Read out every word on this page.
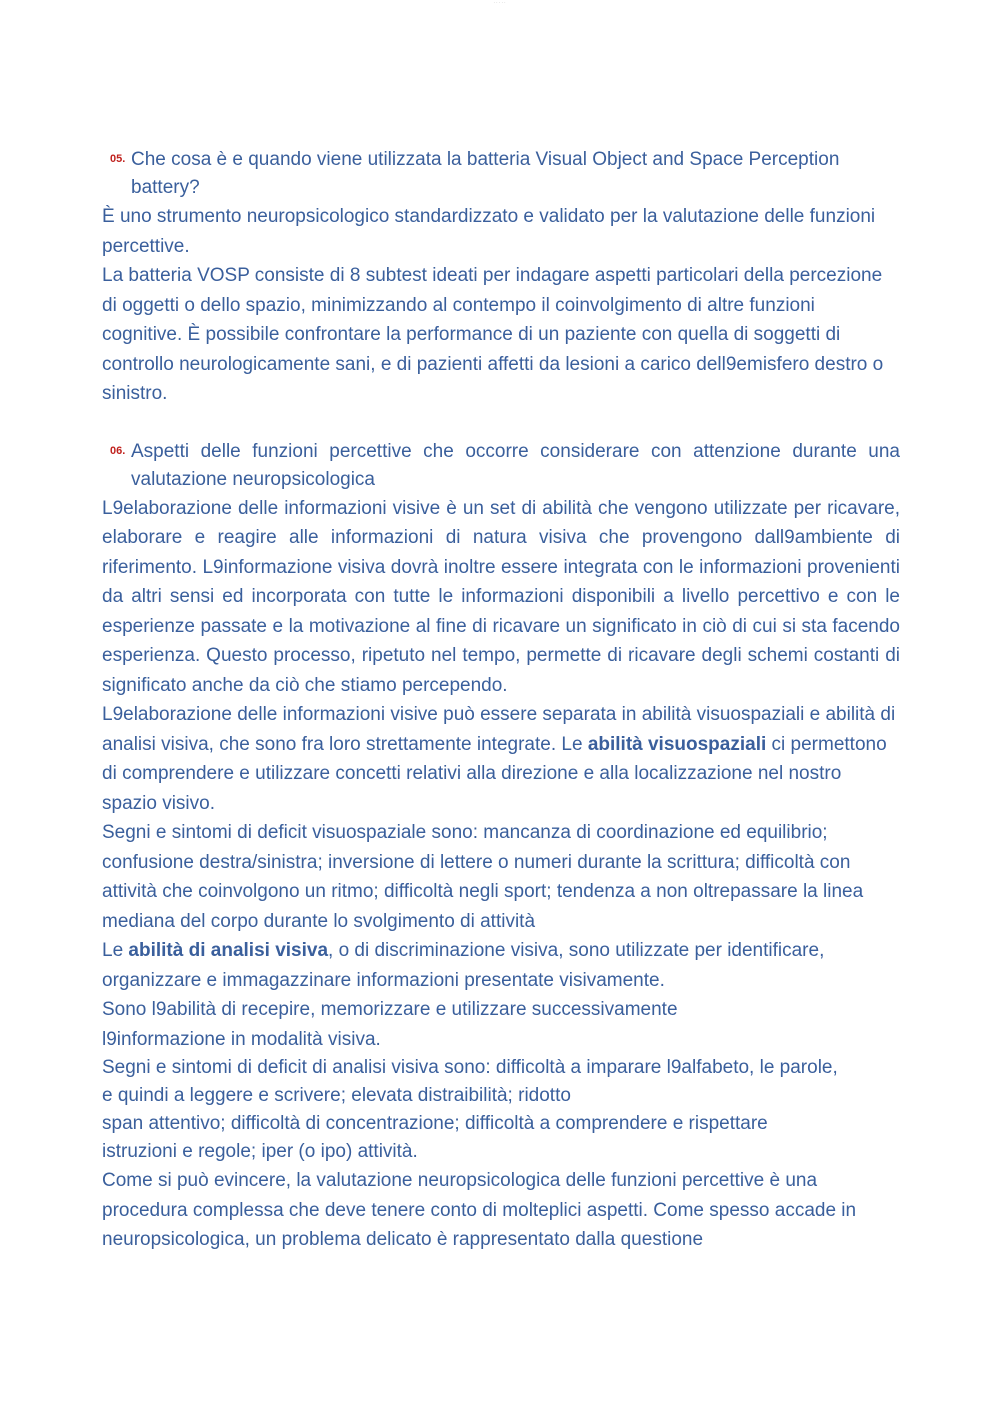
·····
05. Che cosa è e quando viene utilizzata la batteria Visual Object and Space Perception battery?

È uno strumento neuropsicologico standardizzato e validato per la valutazione delle funzioni percettive.

La batteria VOSP consiste di 8 subtest ideati per indagare aspetti particolari della percezione di oggetti o dello spazio, minimizzando al contempo il coinvolgimento di altre funzioni cognitive. È possibile confrontare la performance di un paziente con quella di soggetti di controllo neurologicamente sani, e di pazienti affetti da lesioni a carico dell9emisfero destro o sinistro.

06. Aspetti delle funzioni percettive che occorre considerare con attenzione durante una valutazione neuropsicologica

L9elaborazione delle informazioni visive è un set di abilità che vengono utilizzate per ricavare, elaborare e reagire alle informazioni di natura visiva che provengono dall9ambiente di riferimento. L9informazione visiva dovrà inoltre essere integrata con le informazioni provenienti da altri sensi ed incorporata con tutte le informazioni disponibili a livello percettivo e con le esperienze passate e la motivazione al fine di ricavare un significato in ciò di cui si sta facendo esperienza. Questo processo, ripetuto nel tempo, permette di ricavare degli schemi costanti di significato anche da ciò che stiamo percependo.

L9elaborazione delle informazioni visive può essere separata in abilità visuospaziali e abilità di analisi visiva, che sono fra loro strettamente integrate. Le abilità visuospaziali ci permettono di comprendere e utilizzare concetti relativi alla direzione e alla localizzazione nel nostro spazio visivo.

Segni e sintomi di deficit visuospaziale sono: mancanza di coordinazione ed equilibrio; confusione destra/sinistra; inversione di lettere o numeri durante la scrittura; difficoltà con attività che coinvolgono un ritmo; difficoltà negli sport; tendenza a non oltrepassare la linea mediana del corpo durante lo svolgimento di attività

Le abilità di analisi visiva, o di discriminazione visiva, sono utilizzate per identificare, organizzare e immagazzinare informazioni presentate visivamente.

Sono l9abilità di recepire, memorizzare e utilizzare successivamente
l9informazione in modalità visiva.

Segni e sintomi di deficit di analisi visiva sono: difficoltà a imparare l9alfabeto, le parole,
e quindi a leggere e scrivere; elevata distraibilità; ridotto
span attentivo; difficoltà di concentrazione; difficoltà a comprendere e rispettare
istruzioni e regole; iper (o ipo) attività.

Come si può evincere, la valutazione neuropsicologica delle funzioni percettive è una procedura complessa che deve tenere conto di molteplici aspetti. Come spesso accade in neuropsicologica, un problema delicato è rappresentato dalla questione
